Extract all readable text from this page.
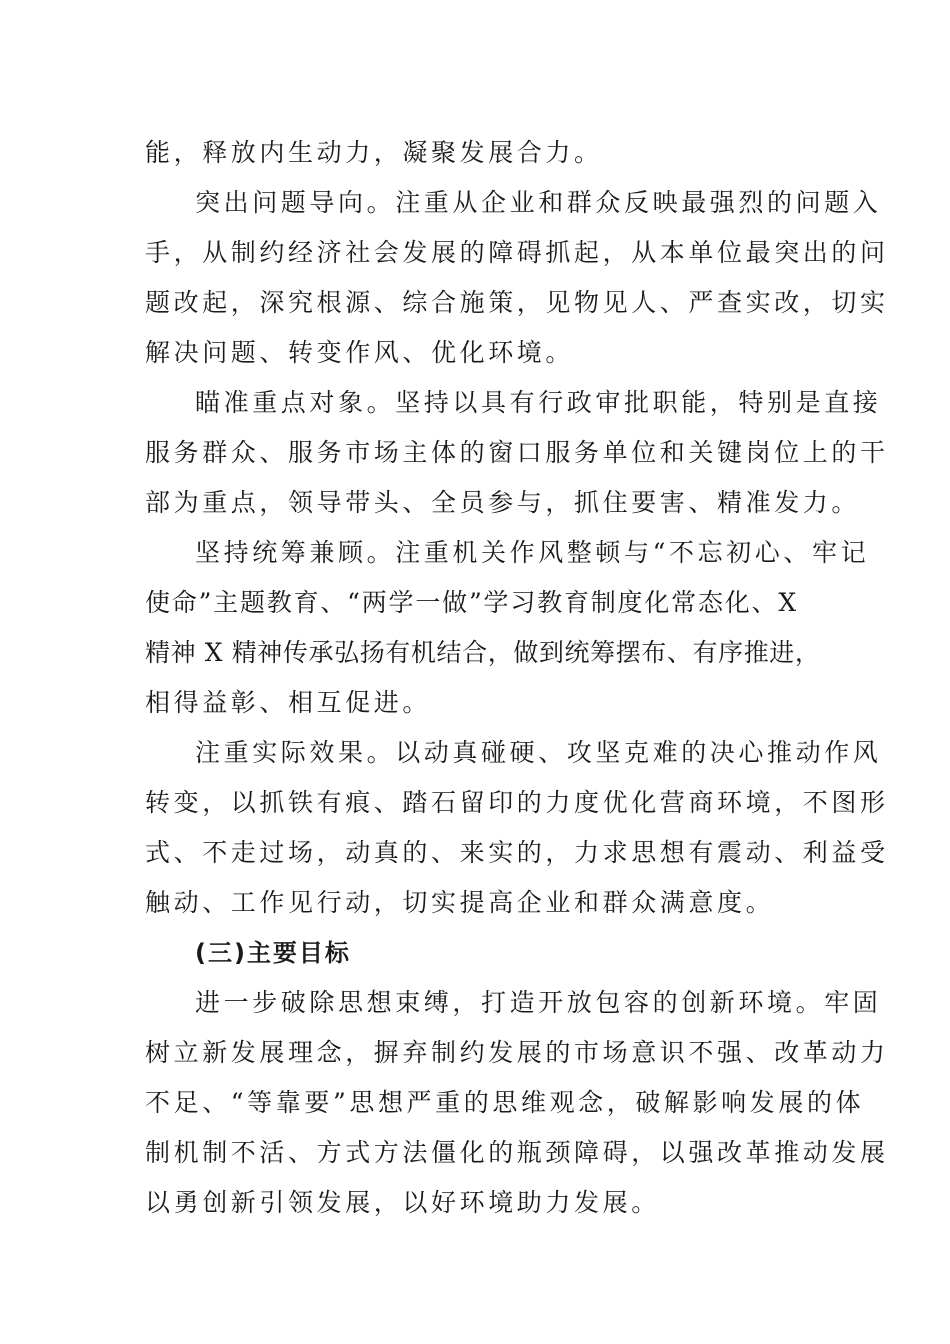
能，释放内生动力，凝聚发展合力。

突出问题导向。注重从企业和群众反映最强烈的问题入

手，从制约经济社会发展的障碍抓起，从本单位最突出的问

题改起，深究根源、综合施策，见物见人、严查实改，切实

解决问题、转变作风、优化环境。

瞄准重点对象。坚持以具有行政审批职能，特别是直接

服务群众、服务市场主体的窗口服务单位和关键岗位上的干

部为重点，领导带头、全员参与，抓住要害、精准发力。

坚持统筹兼顾。注重机关作风整顿与“不忘初心、牢记

使命”主题教育、“两学一做”学习教育制度化常态化、X

精神 X 精神传承弘扬有机结合，做到统筹摆布、有序推进，

相得益彰、相互促进。

注重实际效果。以动真碰硬、攻坚克难的决心推动作风

转变，以抓铁有痕、踏石留印的力度优化营商环境，不图形

式、不走过场，动真的、来实的，力求思想有震动、利益受

触动、工作见行动，切实提高企业和群众满意度。

(三)主要目标

进一步破除思想束缚，打造开放包容的创新环境。牢固

树立新发展理念，摒弃制约发展的市场意识不强、改革动力

不足、“等靠要”思想严重的思维观念，破解影响发展的体

制机制不活、方式方法僵化的瓶颈障碍，以强改革推动发展

以勇创新引领发展，以好环境助力发展。
